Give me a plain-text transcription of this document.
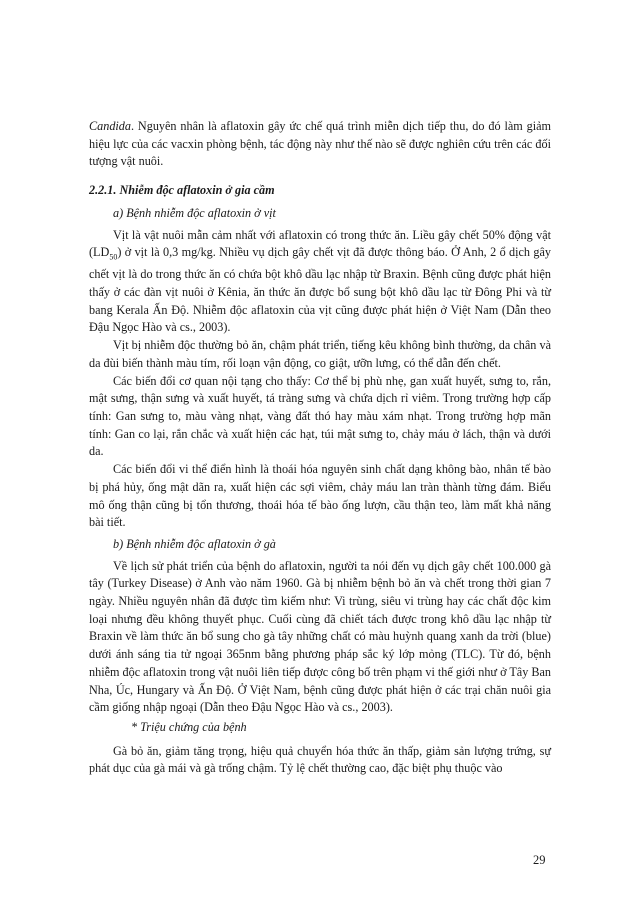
Candida. Nguyên nhân là aflatoxin gây ức chế quá trình miễn dịch tiếp thu, do đó làm giảm hiệu lực của các vacxin phòng bệnh, tác động này như thế nào sẽ được nghiên cứu trên các đối tượng vật nuôi.

2.2.1. Nhiễm độc aflatoxin ở gia cầm

a) Bệnh nhiễm độc aflatoxin ở vịt

Vịt là vật nuôi mẫn cảm nhất với aflatoxin có trong thức ăn. Liều gây chết 50% động vật $(LD_{50})$ ở vịt là 0,3 mg/kg. Nhiều vụ dịch gây chết vịt đã được thông báo. Ở Anh, 2 ổ dịch gây chết vịt là do trong thức ăn có chứa bột khô dầu lạc nhập từ Braxin. Bệnh cũng được phát hiện thấy ở các đàn vịt nuôi ở Kênia, ăn thức ăn được bổ sung bột khô dầu lạc từ Đông Phi và từ bang Kerala Ấn Độ. Nhiễm độc aflatoxin của vịt cũng được phát hiện ở Việt Nam (Dẫn theo Đậu Ngọc Hào và cs., 2003).

Vịt bị nhiễm độc thường bỏ ăn, chậm phát triển, tiếng kêu không bình thường, da chân và da đùi biến thành màu tím, rối loạn vận động, co giật, ưỡn lưng, có thể dẫn đến chết.

Các biến đổi cơ quan nội tạng cho thấy: Cơ thể bị phù nhẹ, gan xuất huyết, sưng to, rắn, mật sưng, thận sưng và xuất huyết, tá tràng sưng và chứa dịch rỉ viêm. Trong trường hợp cấp tính: Gan sưng to, màu vàng nhạt, vàng đất thó hay màu xám nhạt. Trong trường hợp mãn tính: Gan co lại, rắn chắc và xuất hiện các hạt, túi mật sưng to, chảy máu ở lách, thận và dưới da.

Các biến đổi vi thể điển hình là thoái hóa nguyên sinh chất dạng không bào, nhân tế bào bị phá hủy, ống mật dãn ra, xuất hiện các sợi viêm, chảy máu lan tràn thành từng đám. Biểu mô ống thận cũng bị tổn thương, thoái hóa tế bào ống lượn, cầu thận teo, làm mất khả năng bài tiết.

b) Bệnh nhiễm độc aflatoxin ở gà

Về lịch sử phát triển của bệnh do aflatoxin, người ta nói đến vụ dịch gây chết 100.000 gà tây (Turkey Disease) ở Anh vào năm 1960. Gà bị nhiễm bệnh bỏ ăn và chết trong thời gian 7 ngày. Nhiều nguyên nhân đã được tìm kiếm như: Vi trùng, siêu vi trùng hay các chất độc kim loại nhưng đều không thuyết phục. Cuối cùng đã chiết tách được trong khô dầu lạc nhập từ Braxin về làm thức ăn bổ sung cho gà tây những chất có màu huỳnh quang xanh da trời (blue) dưới ánh sáng tia tử ngoại 365nm bằng phương pháp sắc ký lớp mỏng (TLC). Từ đó, bệnh nhiễm độc aflatoxin trong vật nuôi liên tiếp được công bố trên phạm vi thế giới như ở Tây Ban Nha, Úc, Hungary và Ấn Độ. Ở Việt Nam, bệnh cũng được phát hiện ở các trại chăn nuôi gia cầm giống nhập ngoại (Dẫn theo Đậu Ngọc Hào và cs., 2003).

* Triệu chứng của bệnh

Gà bỏ ăn, giảm tăng trọng, hiệu quả chuyển hóa thức ăn thấp, giảm sản lượng trứng, sự phát dục của gà mái và gà trống chậm. Tỷ lệ chết thường cao, đặc biệt phụ thuộc vào

29
